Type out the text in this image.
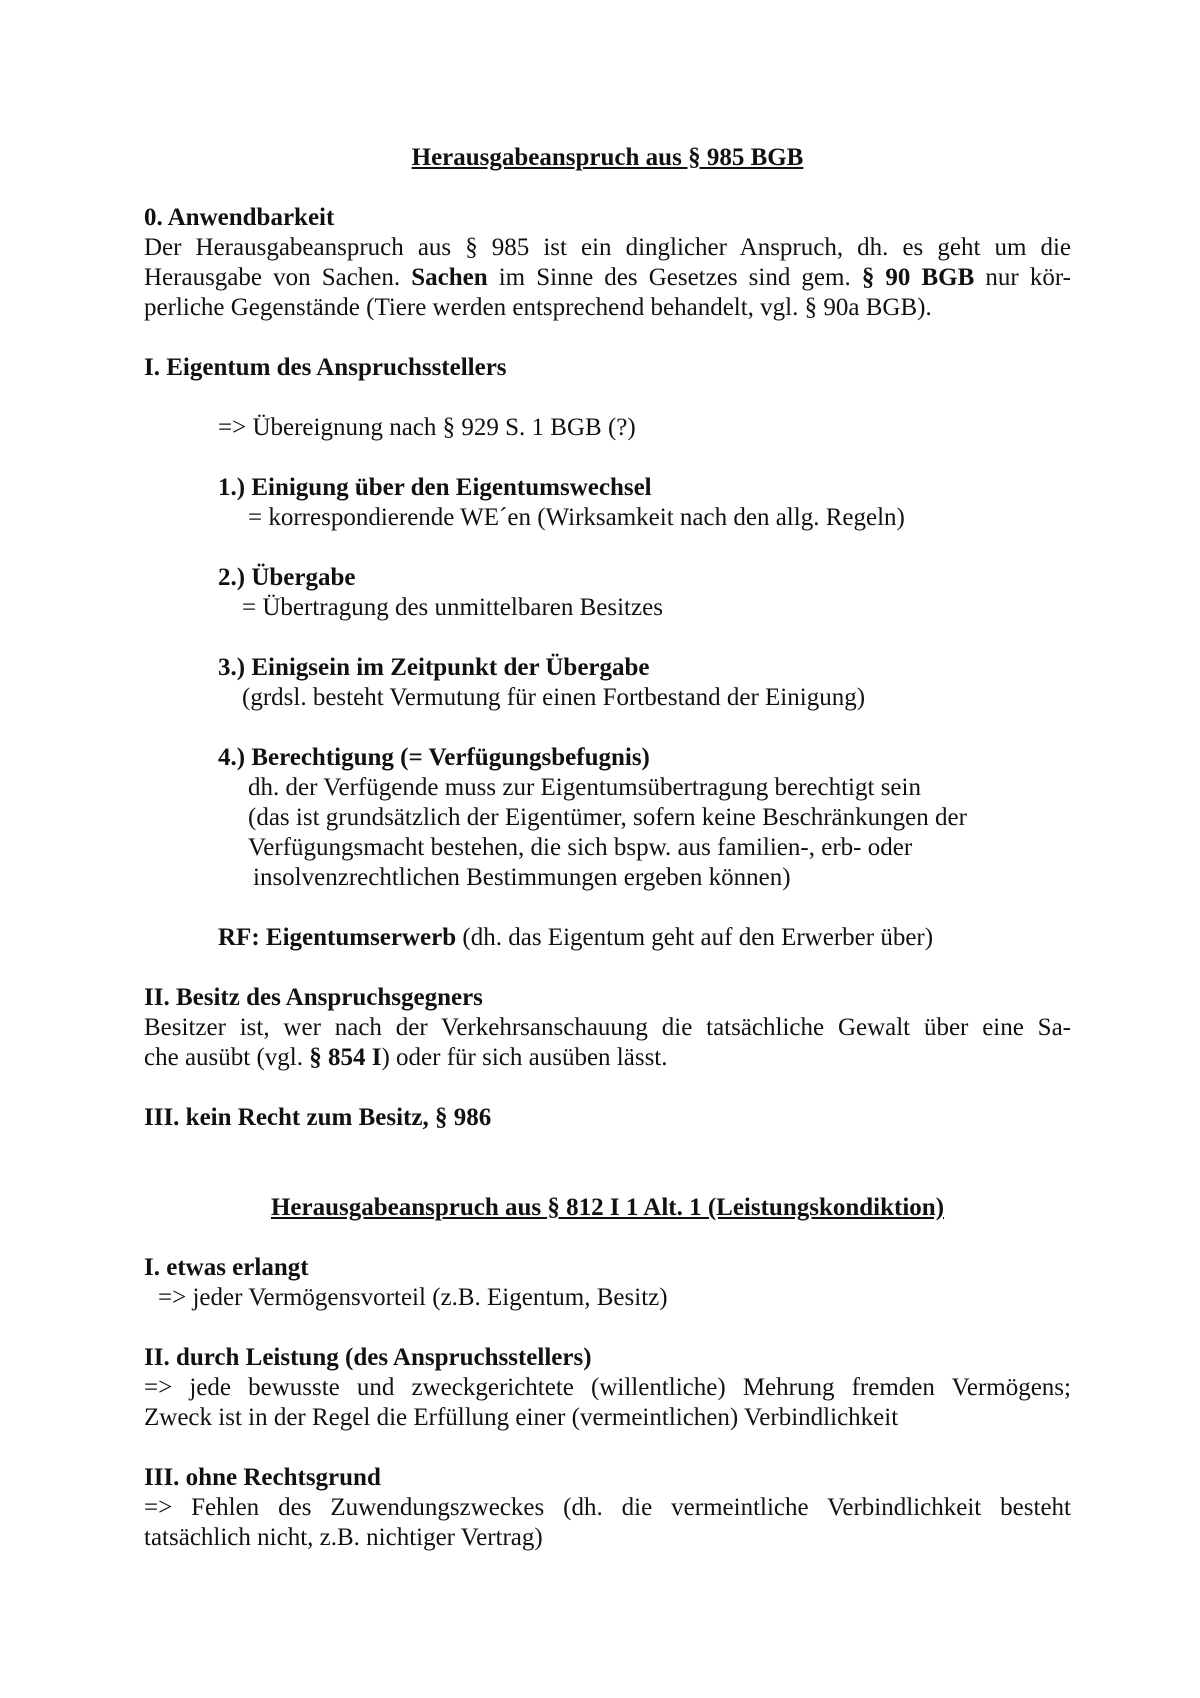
Herausgabeanspruch aus § 985 BGB

0. Anwendbarkeit

Der Herausgabeanspruch aus § 985 ist ein dinglicher Anspruch, dh. es geht um die

Herausgabe von Sachen. Sachen im Sinne des Gesetzes sind gem. § 90 BGB nur kör-

perliche Gegenstände (Tiere werden entsprechend behandelt, vgl. § 90a BGB).

I. Eigentum des Anspruchsstellers

=> Übereignung nach § 929 S. 1 BGB (?)

1.) Einigung über den Eigentumswechsel

= korrespondierende WE´en (Wirksamkeit nach den allg. Regeln)

2.) Übergabe

= Übertragung des unmittelbaren Besitzes

3.) Einigsein im Zeitpunkt der Übergabe

(grdsl. besteht Vermutung für einen Fortbestand der Einigung)

4.) Berechtigung (= Verfügungsbefugnis)

dh. der Verfügende muss zur Eigentumsübertragung berechtigt sein

(das ist grundsätzlich der Eigentümer, sofern keine Beschränkungen der

Verfügungsmacht bestehen, die sich bspw. aus familien-, erb- oder

insolvenzrechtlichen Bestimmungen ergeben können)

RF: Eigentumserwerb (dh. das Eigentum geht auf den Erwerber über)

II. Besitz des Anspruchsgegners

Besitzer ist, wer nach der Verkehrsanschauung die tatsächliche Gewalt über eine Sa-

che ausübt (vgl. § 854 I) oder für sich ausüben lässt.

III. kein Recht zum Besitz, § 986

Herausgabeanspruch aus § 812 I 1 Alt. 1 (Leistungskondiktion)

I. etwas erlangt

=> jeder Vermögensvorteil (z.B. Eigentum, Besitz)

II. durch Leistung (des Anspruchsstellers)

=> jede bewusste und zweckgerichtete (willentliche) Mehrung fremden Vermögens;

Zweck ist in der Regel die Erfüllung einer (vermeintlichen) Verbindlichkeit

III. ohne Rechtsgrund

=> Fehlen des Zuwendungszweckes (dh. die vermeintliche Verbindlichkeit besteht

tatsächlich nicht, z.B. nichtiger Vertrag)
